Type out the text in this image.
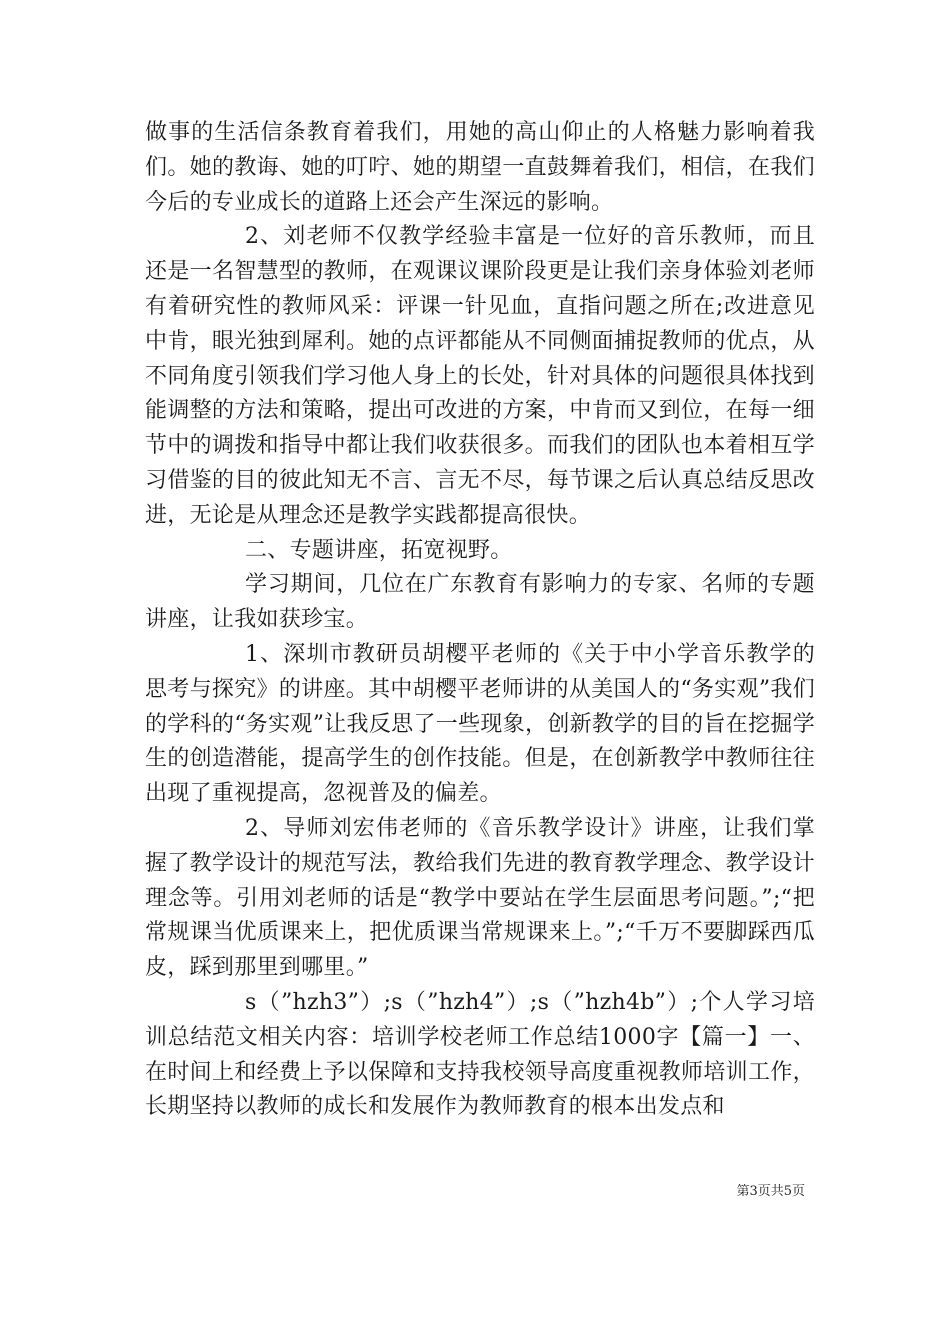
做事的生活信条教育着我们，用她的高山仰止的人格魅力影响着我们。她的教诲、她的叮咛、她的期望一直鼓舞着我们，相信，在我们今后的专业成长的道路上还会产生深远的影响。

2、刘老师不仅教学经验丰富是一位好的音乐教师，而且还是一名智慧型的教师，在观课议课阶段更是让我们亲身体验刘老师有着研究性的教师风采：评课一针见血，直指问题之所在;改进意见中肯，眼光独到犀利。她的点评都能从不同侧面捕捉教师的优点，从不同角度引领我们学习他人身上的长处，针对具体的问题很具体找到能调整的方法和策略，提出可改进的方案，中肯而又到位，在每一细节中的调拨和指导中都让我们收获很多。而我们的团队也本着相互学习借鉴的目的彼此知无不言、言无不尽，每节课之后认真总结反思改进，无论是从理念还是教学实践都提高很快。

二、专题讲座，拓宽视野。

学习期间，几位在广东教育有影响力的专家、名师的专题讲座，让我如获珍宝。

1、深圳市教研员胡樱平老师的《关于中小学音乐教学的思考与探究》的讲座。其中胡樱平老师讲的从美国人的“务实观”我们的学科的“务实观”让我反思了一些现象，创新教学的目的旨在挖掘学生的创造潜能，提高学生的创作技能。但是，在创新教学中教师往往出现了重视提高，忽视普及的偏差。

2、导师刘宏伟老师的《音乐教学设计》讲座，让我们掌握了教学设计的规范写法，教给我们先进的教育教学理念、教学设计理念等。引用刘老师的话是“教学中要站在学生层面思考问题。”;“把常规课当优质课来上，把优质课当常规课来上。”;“千万不要脚踩西瓜皮，踩到那里到哪里。”

s（”hzh3”）;s（”hzh4”）;s（”hzh4b”）;个人学习培训总结范文相关内容：培训学校老师工作总结1000字【篇一】一、在时间上和经费上予以保障和支持我校领导高度重视教师培训工作，长期坚持以教师的成长和发展作为教师教育的根本出发点和

第3页共5页
